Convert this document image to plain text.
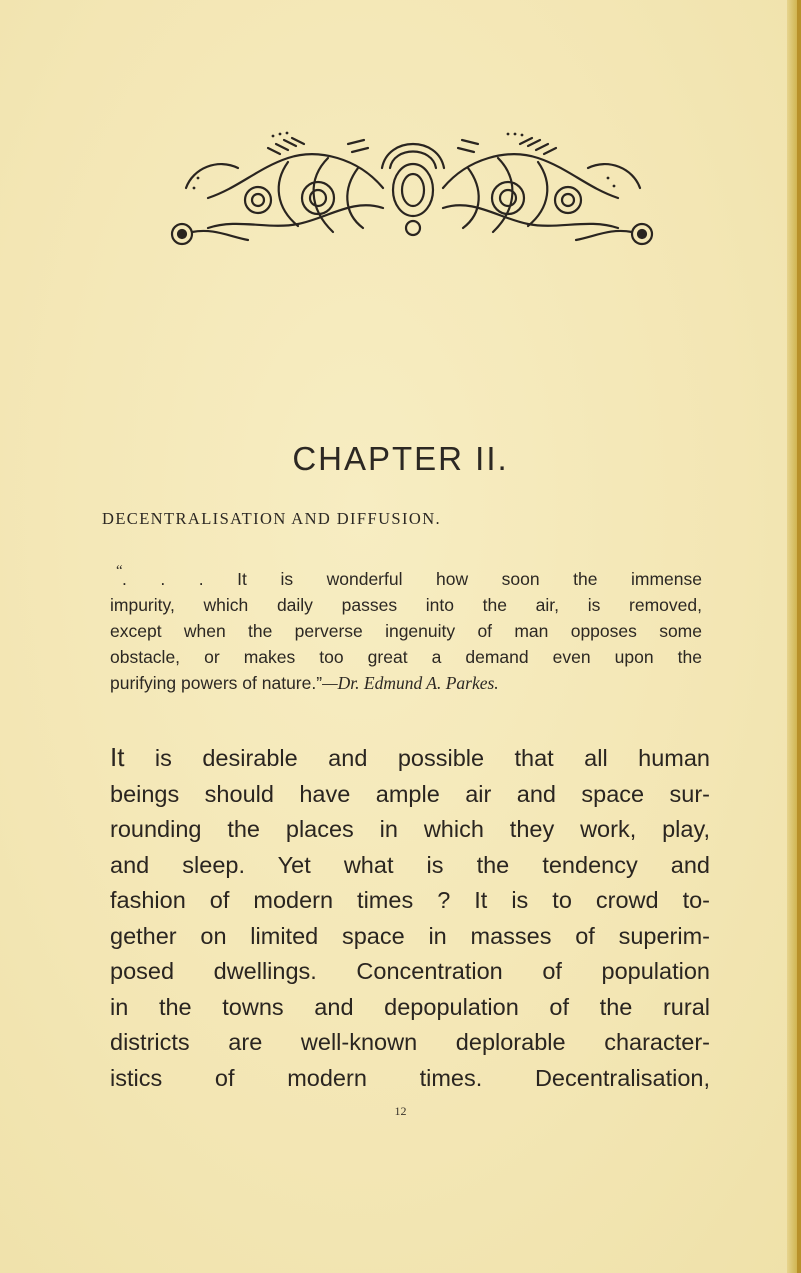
CHAPTER II.
DECENTRALISATION AND DIFFUSION.
“ . . . It is wonderful how soon the immense
impurity, which daily passes into the air, is removed,
except when the perverse ingenuity of man opposes some
obstacle, or makes too great a demand even upon the
purifying powers of nature.”—Dr. Edmund A. Parkes.
It is desirable and possible that all human
beings should have ample air and space sur-
rounding the places in which they work, play,
and sleep. Yet what is the tendency and
fashion of modern times ? It is to crowd to-
gether on limited space in masses of superim-
posed dwellings. Concentration of population
in the towns and depopulation of the rural
districts are well-known deplorable character-
istics of modern times. Decentralisation,
12
